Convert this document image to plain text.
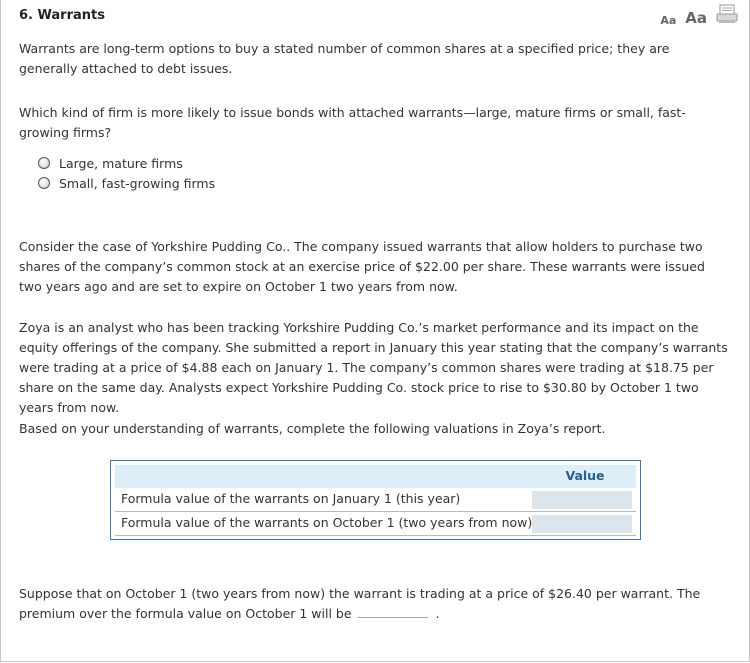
6. Warrants	Aa Aa

Warrants are long-term options to buy a stated number of common shares at a specified price; they are generally attached to debt issues.

Which kind of firm is more likely to issue bonds with attached warrants—large, mature firms or small, fast-growing firms?

Large, mature firms
Small, fast-growing firms

Consider the case of Yorkshire Pudding Co.. The company issued warrants that allow holders to purchase two shares of the company’s common stock at an exercise price of $22.00 per share. These warrants were issued two years ago and are set to expire on October 1 two years from now.

Zoya is an analyst who has been tracking Yorkshire Pudding Co.’s market performance and its impact on the equity offerings of the company. She submitted a report in January this year stating that the company’s warrants were trading at a price of $4.88 each on January 1. The company’s common shares were trading at $18.75 per share on the same day. Analysts expect Yorkshire Pudding Co. stock price to rise to $30.80 by October 1 two years from now.

Based on your understanding of warrants, complete the following valuations in Zoya’s report.

Value
Formula value of the warrants on January 1 (this year)
Formula value of the warrants on October 1 (two years from now)

Suppose that on October 1 (two years from now) the warrant is trading at a price of $26.40 per warrant. The premium over the formula value on October 1 will be	.
